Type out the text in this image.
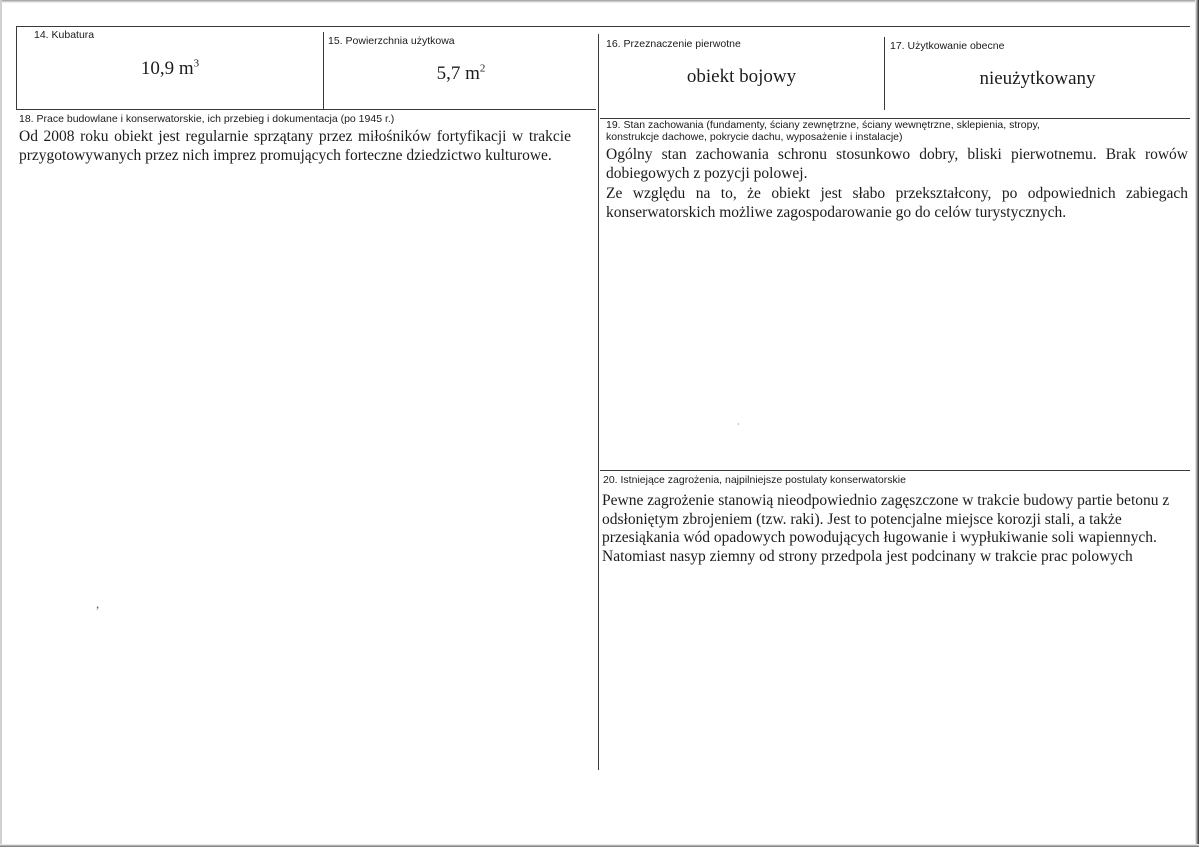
14. Kubatura
10,9 $m^3$
15. Powierzchnia użytkowa
5,7 $m^2$
16. Przeznaczenie pierwotne
obiekt bojowy
17. Użytkowanie obecne
nieużytkowany
18. Prace budowlane i konserwatorskie, ich przebieg i dokumentacja (po 1945 r.)
Od 2008 roku obiekt jest regularnie sprzątany przez miłośników fortyfikacji w trakcie przygotowywanych przez nich imprez promujących forteczne dziedzictwo kulturowe.
19. Stan zachowania (fundamenty, ściany zewnętrzne, ściany wewnętrzne, sklepienia, stropy, konstrukcje dachowe, pokrycie dachu, wyposażenie i instalacje)
Ogólny stan zachowania schronu stosunkowo dobry, bliski pierwotnemu. Brak rowów dobiegowych z pozycji polowej.
Ze względu na to, że obiekt jest słabo przekształcony, po odpowiednich zabiegach konserwatorskich możliwe zagospodarowanie go do celów turystycznych.
20. Istniejące zagrożenia, najpilniejsze postulaty konserwatorskie
Pewne zagrożenie stanowią nieodpowiednio zagęszczone w trakcie budowy partie betonu z odsłoniętym zbrojeniem (tzw. raki). Jest to potencjalne miejsce korozji stali, a także przesiąkania wód opadowych powodujących ługowanie i wypłukiwanie soli wapiennych. Natomiast nasyp ziemny od strony przedpola jest podcinany w trakcie prac polowych
,
·
